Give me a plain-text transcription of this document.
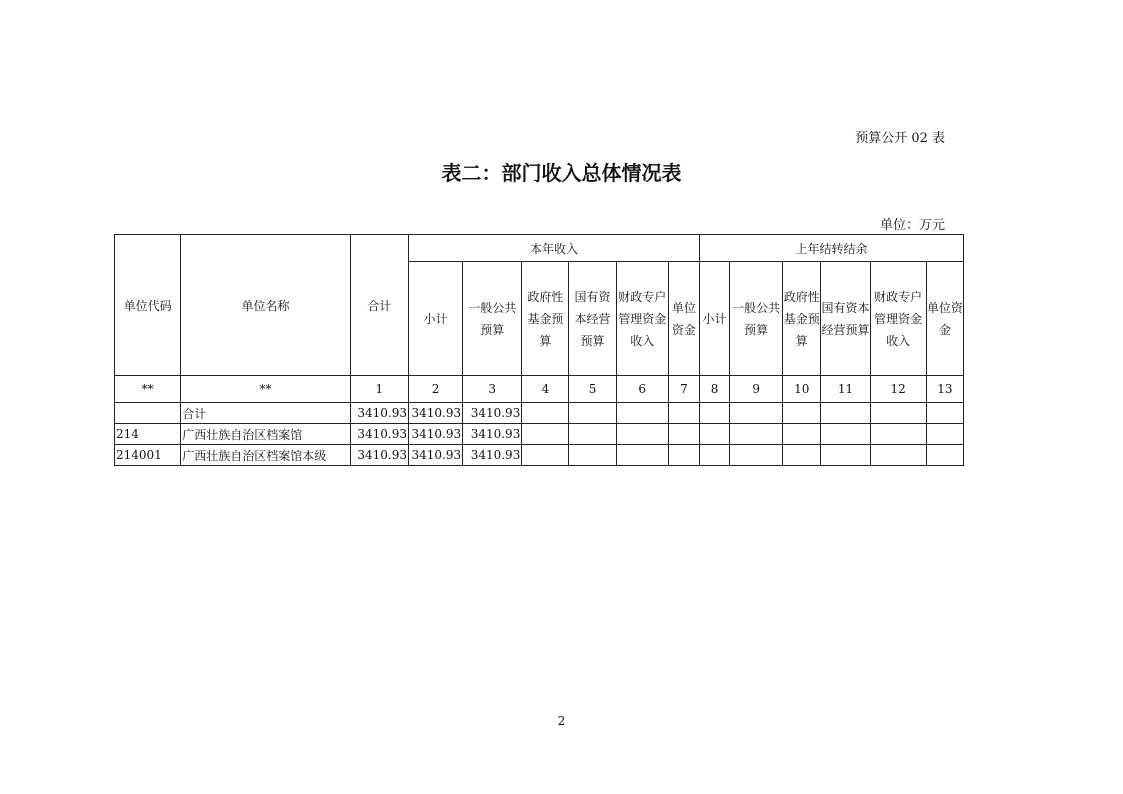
预算公开 02 表
表二：部门收入总体情况表
单位：万元
单位代码	单位名称	合计	本年收入						上年结转结余					
			小计	一般公共预算	政府性基金预算	国有资本经营预算	财政专户管理资金收入	单位资金	小计	一般公共预算	政府性基金预算	国有资本经营预算	财政专户管理资金收入	单位资金
**	**	1	2	3	4	5	6	7	8	9	10	11	12	13
	合计	3410.93	3410.93	3410.93										
214	广西壮族自治区档案馆	3410.93	3410.93	3410.93										
214001	广西壮族自治区档案馆本级	3410.93	3410.93	3410.93										
2
